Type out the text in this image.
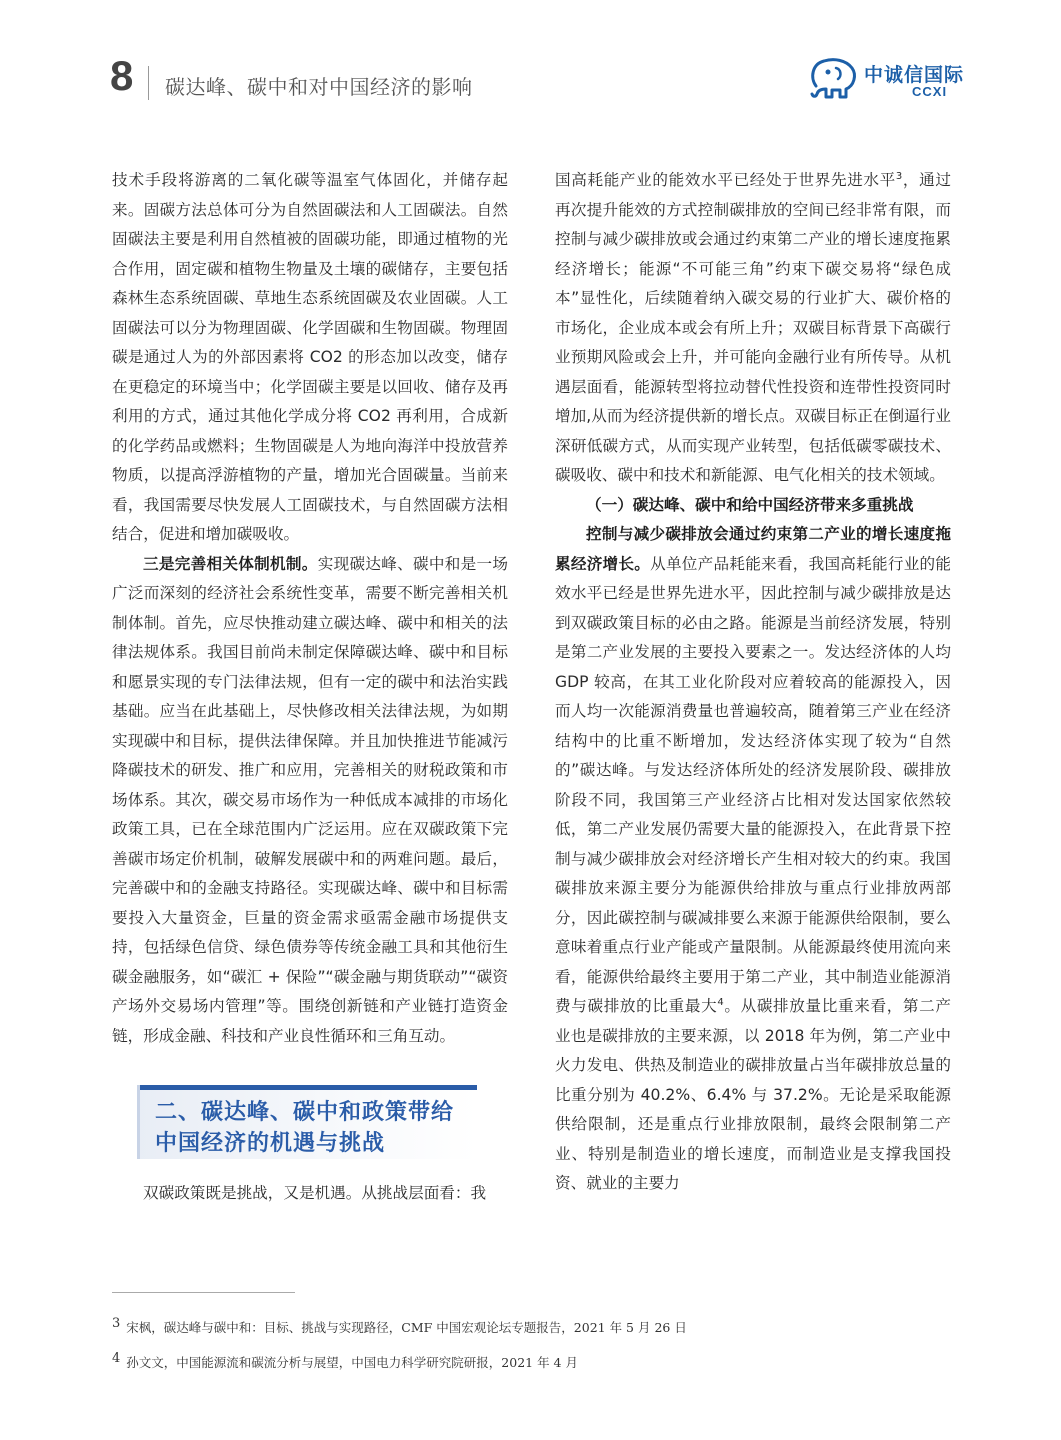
8 碳达峰、碳中和对中国经济的影响	中诚信国际
CCXI

技术手段将游离的二氧化碳等温室气体固化，并储存起来。固碳方法总体可分为自然固碳法和人工固碳法。自然固碳法主要是利用自然植被的固碳功能，即通过植物的光合作用，固定碳和植物生物量及土壤的碳储存，主要包括森林生态系统固碳、草地生态系统固碳及农业固碳。人工固碳法可以分为物理固碳、化学固碳和生物固碳。物理固碳是通过人为的外部因素将 CO2 的形态加以改变，储存在更稳定的环境当中；化学固碳主要是以回收、储存及再利用的方式，通过其他化学成分将 CO2 再利用，合成新的化学药品或燃料；生物固碳是人为地向海洋中投放营养物质，以提高浮游植物的产量，增加光合固碳量。当前来看，我国需要尽快发展人工固碳技术，与自然固碳方法相结合，促进和增加碳吸收。

三是完善相关体制机制。实现碳达峰、碳中和是一场广泛而深刻的经济社会系统性变革，需要不断完善相关机制体制。首先，应尽快推动建立碳达峰、碳中和相关的法律法规体系。我国目前尚未制定保障碳达峰、碳中和目标和愿景实现的专门法律法规，但有一定的碳中和法治实践基础。应当在此基础上，尽快修改相关法律法规，为如期实现碳中和目标，提供法律保障。并且加快推进节能减污降碳技术的研发、推广和应用，完善相关的财税政策和市场体系。其次，碳交易市场作为一种低成本减排的市场化政策工具，已在全球范围内广泛运用。应在双碳政策下完善碳市场定价机制，破解发展碳中和的两难问题。最后，完善碳中和的金融支持路径。实现碳达峰、碳中和目标需要投入大量资金，巨量的资金需求亟需金融市场提供支持，包括绿色信贷、绿色债券等传统金融工具和其他衍生碳金融服务，如“碳汇 + 保险”“碳金融与期货联动”“碳资产场外交易场内管理”等。围绕创新链和产业链打造资金链，形成金融、科技和产业良性循环和三角互动。

二、碳达峰、碳中和政策带给
中国经济的机遇与挑战

双碳政策既是挑战，又是机遇。从挑战层面看：我

国高耗能产业的能效水平已经处于世界先进水平$^3$，通过再次提升能效的方式控制碳排放的空间已经非常有限，而控制与减少碳排放或会通过约束第二产业的增长速度拖累经济增长；能源“不可能三角”约束下碳交易将“绿色成本”显性化，后续随着纳入碳交易的行业扩大、碳价格的市场化，企业成本或会有所上升；双碳目标背景下高碳行业预期风险或会上升，并可能向金融行业有所传导。从机遇层面看，能源转型将拉动替代性投资和连带性投资同时增加,从而为经济提供新的增长点。双碳目标正在倒逼行业深研低碳方式，从而实现产业转型，包括低碳零碳技术、碳吸收、碳中和技术和新能源、电气化相关的技术领域。

（一）碳达峰、碳中和给中国经济带来多重挑战

控制与减少碳排放会通过约束第二产业的增长速度拖累经济增长。从单位产品耗能来看，我国高耗能行业的能效水平已经是世界先进水平，因此控制与减少碳排放是达到双碳政策目标的必由之路。能源是当前经济发展，特别是第二产业发展的主要投入要素之一。发达经济体的人均 GDP 较高，在其工业化阶段对应着较高的能源投入，因而人均一次能源消费量也普遍较高，随着第三产业在经济结构中的比重不断增加，发达经济体实现了较为“自然的”碳达峰。与发达经济体所处的经济发展阶段、碳排放阶段不同，我国第三产业经济占比相对发达国家依然较低，第二产业发展仍需要大量的能源投入，在此背景下控制与减少碳排放会对经济增长产生相对较大的约束。我国碳排放来源主要分为能源供给排放与重点行业排放两部分，因此碳控制与碳减排要么来源于能源供给限制，要么意味着重点行业产能或产量限制。从能源最终使用流向来看，能源供给最终主要用于第二产业，其中制造业能源消费与碳排放的比重最大$^4$。从碳排放量比重来看，第二产业也是碳排放的主要来源，以 2018 年为例，第二产业中火力发电、供热及制造业的碳排放量占当年碳排放总量的比重分别为 40.2%、6.4% 与 37.2%。无论是采取能源供给限制，还是重点行业排放限制，最终会限制第二产业、特别是制造业的增长速度，而制造业是支撑我国投资、就业的主要力

3 宋枫，碳达峰与碳中和：目标、挑战与实现路径，CMF 中国宏观论坛专题报告，2021 年 5 月 26 日
4 孙文文，中国能源流和碳流分析与展望，中国电力科学研究院研报，2021 年 4 月
